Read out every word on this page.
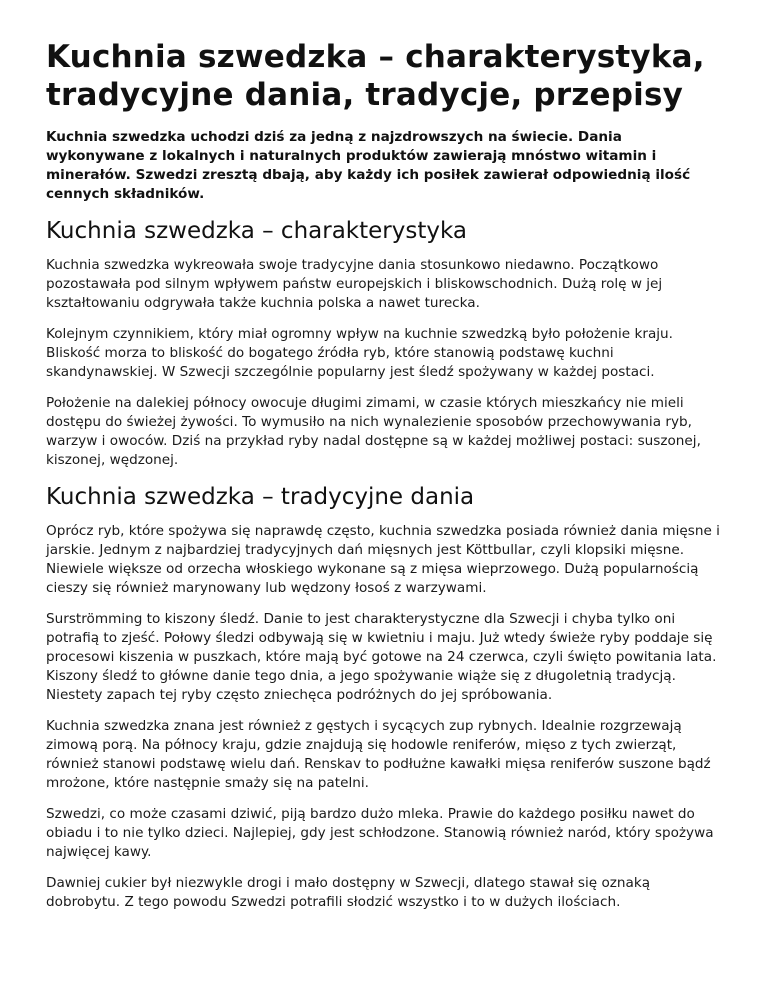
Kuchnia szwedzka – charakterystyka, tradycyjne dania, tradycje, przepisy

Kuchnia szwedzka uchodzi dziś za jedną z najzdrowszych na świecie. Dania wykonywane z lokalnych i naturalnych produktów zawierają mnóstwo witamin i minerałów. Szwedzi zresztą dbają, aby każdy ich posiłek zawierał odpowiednią ilość cennych składników.

Kuchnia szwedzka – charakterystyka

Kuchnia szwedzka wykreowała swoje tradycyjne dania stosunkowo niedawno. Początkowo pozostawała pod silnym wpływem państw europejskich i bliskowschodnich. Dużą rolę w jej kształtowaniu odgrywała także kuchnia polska a nawet turecka.

Kolejnym czynnikiem, który miał ogromny wpływ na kuchnie szwedzką było położenie kraju. Bliskość morza to bliskość do bogatego źródła ryb, które stanowią podstawę kuchni skandynawskiej. W Szwecji szczególnie popularny jest śledź spożywany w każdej postaci.

Położenie na dalekiej północy owocuje długimi zimami, w czasie których mieszkańcy nie mieli dostępu do świeżej żywości. To wymusiło na nich wynalezienie sposobów przechowywania ryb, warzyw i owoców. Dziś na przykład ryby nadal dostępne są w każdej możliwej postaci: suszonej, kiszonej, wędzonej.

Kuchnia szwedzka – tradycyjne dania

Oprócz ryb, które spożywa się naprawdę często, kuchnia szwedzka posiada również dania mięsne i jarskie. Jednym z najbardziej tradycyjnych dań mięsnych jest Köttbullar, czyli klopsiki mięsne. Niewiele większe od orzecha włoskiego wykonane są z mięsa wieprzowego. Dużą popularnością cieszy się również marynowany lub wędzony łosoś z warzywami.

Surströmming to kiszony śledź. Danie to jest charakterystyczne dla Szwecji i chyba tylko oni potrafią to zjeść. Połowy śledzi odbywają się w kwietniu i maju. Już wtedy świeże ryby poddaje się procesowi kiszenia w puszkach, które mają być gotowe na 24 czerwca, czyli święto powitania lata. Kiszony śledź to główne danie tego dnia, a jego spożywanie wiąże się z długoletnią tradycją. Niestety zapach tej ryby często zniechęca podróżnych do jej spróbowania.

Kuchnia szwedzka znana jest również z gęstych i sycących zup rybnych. Idealnie rozgrzewają zimową porą. Na północy kraju, gdzie znajdują się hodowle reniferów, mięso z tych zwierząt, również stanowi podstawę wielu dań. Renskav to podłużne kawałki mięsa reniferów suszone bądź mrożone, które następnie smaży się na patelni.

Szwedzi, co może czasami dziwić, piją bardzo dużo mleka. Prawie do każdego posiłku nawet do obiadu i to nie tylko dzieci. Najlepiej, gdy jest schłodzone. Stanowią również naród, który spożywa najwięcej kawy.

Dawniej cukier był niezwykle drogi i mało dostępny w Szwecji, dlatego stawał się oznaką dobrobytu. Z tego powodu Szwedzi potrafili słodzić wszystko i to w dużych ilościach.
